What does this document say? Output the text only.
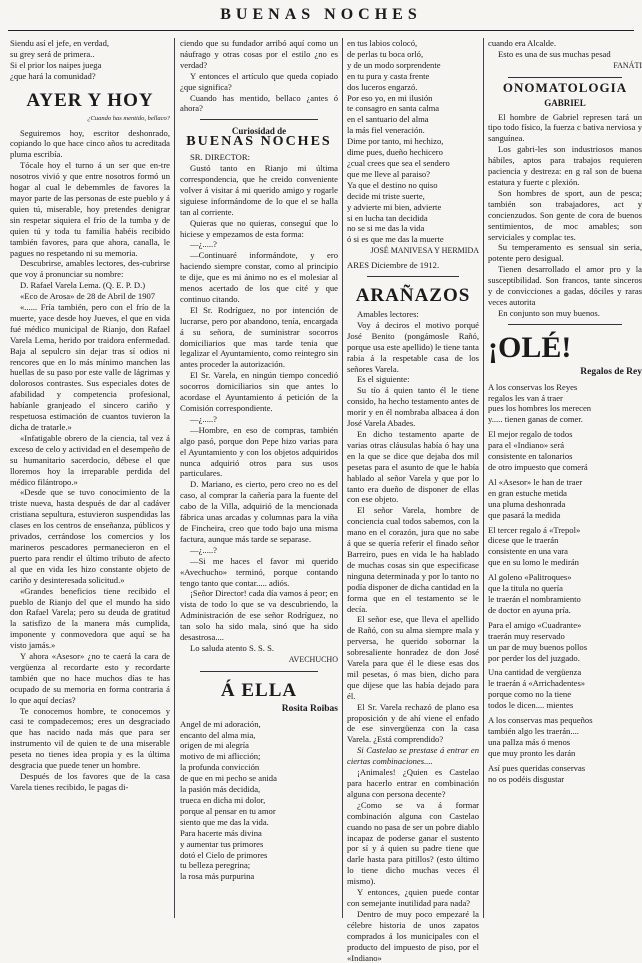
BUENAS NOCHES

Siendu así el jefe, en verdad,

su grey será de primera..

Si el prior los naipes juega

¿que hará la comunidad?

AYER Y HOY
¿Cuando has mentido, bellaco?

Seguiremos hoy, escritor deshonrado, copiando lo que hace cinco años tu acreditada pluma escribía.

Tócale hoy el turno á un ser que en-tre nosotros vivió y que entre nosotros formó un hogar al cual le debemmles de favores la mayor parte de las personas de este pueblo y á quien tú, miserable, hoy pretendes denigrar sin respetar siquiera el frío de la tumba y de quien tú y toda tu familia habéis recibido también favores, para que ahora, canalla, le pagues no respetando ni su memoria.

Descubrirse, amables lectores, des-cubrirse que voy á pronunciar su nombre:

D. Rafael Varela Lema. (Q. E. P. D.)

«Eco de Arosa» de 28 de Abril de 1907

«...... Fría también, pero con el frío de la muerte, yace desde hoy Jueves, el que en vida fué médico municipal de Rianjo, don Rafael Varela Lema, herido por traidora enfermedad. Baja al sepulcro sin dejar tras sí odios ni rencores que en lo más mínimo manchen las huellas de su paso por este valle de lágrimas y dolorosos contrastes. Sus especiales dotes de afabilidad y competencia profesional, habíanle granjeado el sincero cariño y respetuosa estimación de cuantos tuvieron la dicha de tratarle.»

«Infatigable obrero de la ciencia, tal vez á exceso de celo y actividad en el desempeño de su humanitario sacerdocio, débese el que lloremos hoy la irreparable perdida del médico filántropo.»

«Desde que se tuvo conocimiento de la triste nueva, hasta después de dar al cadáver cristiana sepultura, estuvieron suspendidas las clases en los centros de enseñanza, públicos y privados, cerrándose los comercios y los marineros pescadores permanecieron en el puerto para rendir el último tributo de afecto al que en vida les hizo constante objeto de cariño y desinteresada solicitud.»

«Grandes beneficios tiene recibido el pueblo de Rianjo del que el mundo ha sido don Rafael Varela; pero su deuda de gratitud la satisfizo de la manera más cumplida, imponente y conmovedora que aquí se ha visto jamás.»

Y ahora «Asesor» ¿no te caerá la cara de vergüenza al recordarte esto y recordarte también que no hace muchos días te has ocupado de su memoria en forma contraria á lo que aquí decías?

Te conocemos hombre, te conocemos y casi te compadecemos; eres un desgraciado que has nacido nada más que para ser instrumento vil de quien te de una miserable peseta no tienes idea propia y es la última desgracia que puede tener un hombre.

Después de los favores que de la casa Varela tienes recibido, le pagas di-

ciendo que su fundador arribó aquí como un náufrago y otras cosas por el estilo ¿no es verdad?

Y entonces el artículo que queda copiado ¿que significa?

Cuando has mentido, bellaco ¿antes ó ahora?

Curiosidad de
BUENAS NOCHES

SR. DIRECTOR:

Gustó tanto en Rianjo mi última correspondencia, que he creido conveniente volver á visitar á mi querido amigo y rogarle siguiese informándome de lo que el se halla tan al corriente.

Quieras que no quieras, conseguí que lo hiciese y empezamos de esta forma:

—¿.....?

—Continuaré informándote, y ero haciendo siempre constar, como al principio te dije, que es mi ánimo no es el molesiar al menos acertado de los que cité y que continuo citando.

El Sr. Rodríguez, no por intención de lucrarse, pero por abandono, tenía, encargada á su señora, de suministrar socorros domiciliarios que mas tarde tenia que legalizar el Ayuntamiento, como reintegro sin antes proceder la autorización.

El Sr. Varela, en ningún tiempo concedió socorros domiciliarios sin que antes lo acordase el Ayuntamiento á petición de la Comisión correspondiente.

—¿.....?

—Hombre, en eso de compras, también algo pasó, porque don Pepe hizo varias para el Ayuntamiento y con los objetos adquiridos nunca adquirió otros para sus usos particulares.

D. Mariano, es cierto, pero creo no es del caso, al comprar la cañería para la fuente del cabo de la Villa, adquirió de la mencionada fábrica unas arcadas y columnas para la viña de Fincheira, creo que todo bajo una misma factura, aunque más tarde se separase.

—¿.....?

—Si me haces el favor mi querido «Avechucho» terminó, porque contando tengo tanto que contar..... adiós.

¡Señor Director! cada día vamos á peor; en vista de todo lo que se va descubriendo, la Administración de ese señor Rodríguez, no tan solo ha sido mala, sinó que ha sido desastrosa....

Lo saluda atento S. S. S.

AVECHUCHO
Á ELLA
Rosita Roibas

Angel de mi adoración,

encanto del alma mia,

origen de mi alegría

motivo de mi aflicción;

la profunda convicción

de que en mi pecho se anida

la pasión más decidida,

trueca en dicha mi dolor,

porque al pensar en tu amor

siento que me das la vida.

Para hacerte más divina

y aumentar tus primores

dotó el Cielo de primores

tu belleza peregrina;

la rosa más purpurina

en tus labios colocó,

de perlas tu boca orló,

y de un modo sorprendente

en tu pura y casta frente

dos luceros engarzó.

Por eso yo, en mi ilusión

te consagro en santa calma

en el santuario del alma

la más fiel veneración.

Dime por tanto, mi hechizo,

dime pues, dueño hechicero

¿cual crees que sea el sendero

que me lleve al paraiso?

Ya que el destino no quiso

decide mi triste suerte,

y advierte mi bien, advierte

si en lucha tan decidida

no se si me das la vida

ó si es que me das la muerte

JOSÉ MANIVESA Y HERMIDA

ARES Diciembre de 1912.

ARAÑAZOS

Amables lectores:

Voy á deciros el motivo porqué José Benito (pongámosle Rañó, porque usa este apellido) le tiene tanta rabia á la respetable casa de los señores Varela.

Es el siguiente:

Su tío á quien tanto él le tiene consido, ha hecho testamento antes de morir y en él nombraba albacea á don José Varela Abades.

En dicho testamento aparte de varias otras cláusulas había ó hay una en la que se dice que dejaba dos mil pesetas para el asunto de que le había hablado al señor Varela y que por lo tanto era dueño de disponer de ellas con ese objeto.

El señor Varela, hombre de conciencia cual todos sabemos, con la mano en el corazón, jura que no sabe á que se quería referir el finado señor Barreiro, pues en vida le ha hablado de muchas cosas sin que especificase ninguna determinada y por lo tanto no podía disponer de dicha cantidad en la forma que en el testamento se le decía.

El señor ese, que lleva el apellido de Rañó, con su alma siempre mala y perversa, he querido sobornar la sobresalientе honradez de don José Varela para que él le diese esas dos mil pesetas, ó mas bien, dicho para que dijese que las había dejado para él.

El Sr. Varela rechazó de plano esa proposición y de ahí viene el enfado de ese sinvergüenza con la casa Varela. ¿Está comprendido?

Si Castelao se prestase á entrar en ciertas combinaciones....

¡Animales! ¿Quien es Castelao para hacerlo entrar en combinación alguna con persona decente?

¿Como se va á formar combinación alguna con Castelao cuando no pasa de ser un pobre diablo incapaz de poderse ganar el sustento por sí y á quien su padre tiene que darle hasta para pitillos? (esto último lo tiene dicho muchas veces él mismo).

Y entonces, ¿quien puede contar con semejante inutilidad para nada?

Dentro de muy poco empezaré la célebre historia de unos zapatos comprados á los municipales con el producto del impuesto de piso, por el «Indiano»

cuando era Alcalde.

Esto es una de sus muchas pesad

FANÁTI
ONOMATOLOGIA
GABRIEL

El hombre de Gabriel represen tará un tipo todo físico, la fuerza c bativa nerviosa y sanguínea.

Los gabri-les son industriosos manos hábiles, aptos para trabajos requieren paciencia y destreza: en g ral son de buena estatura y fuerte c plexión.

Son hombres de sport, aun de pesca; también son trabajadores, act y concienzudos. Son gente de cora de buenos sentimientos, de moc amables; son serviciales y complac tes.

Su temperamento es sensual sin seria, potente pero desigual.

Tienen desarrollado el amor pro y la susceptibilidad. Son francos, tante sinceros y de convicciones a gadas, dóciles y raras veces autorita

En conjunto son muy buenos.

¡OLÉ!
Regalos de Rey

A los conservas los Reyes

regalos les van á traer

pues los hombres los merecen

y..... tienen ganas de comer.

El mejor regalo de todos

para el «Indiano» será

consistente en talonarios

de otro impuesto que comerá

Al «Asesor» le han de traer

en gran estuche metida

una pluma deshonrada

que pasará la medida

El tercer regalo á «Trepol»

dicese que le traerán

consistente en una vara

que en su lomo le medirán

Al goleno «Palitroques»

que la titula no quería

le traerán el nombramiento

de doctor en ayuna pría.

Para el amigo «Cuadrante»

traerán muy reservado

un par de muy buenos pollos

por perder los del juzgado.

Una cantidad de vergüenza

le traerán á «Arrichadentes»

porque como no la tiene

todos le dicen.... mientes

A los conservas mas pequeños

también algo les traerán....

una pallza más ó menos

que muy pronto les darán

Así pues queridas conservas

no os podéis disgustar
